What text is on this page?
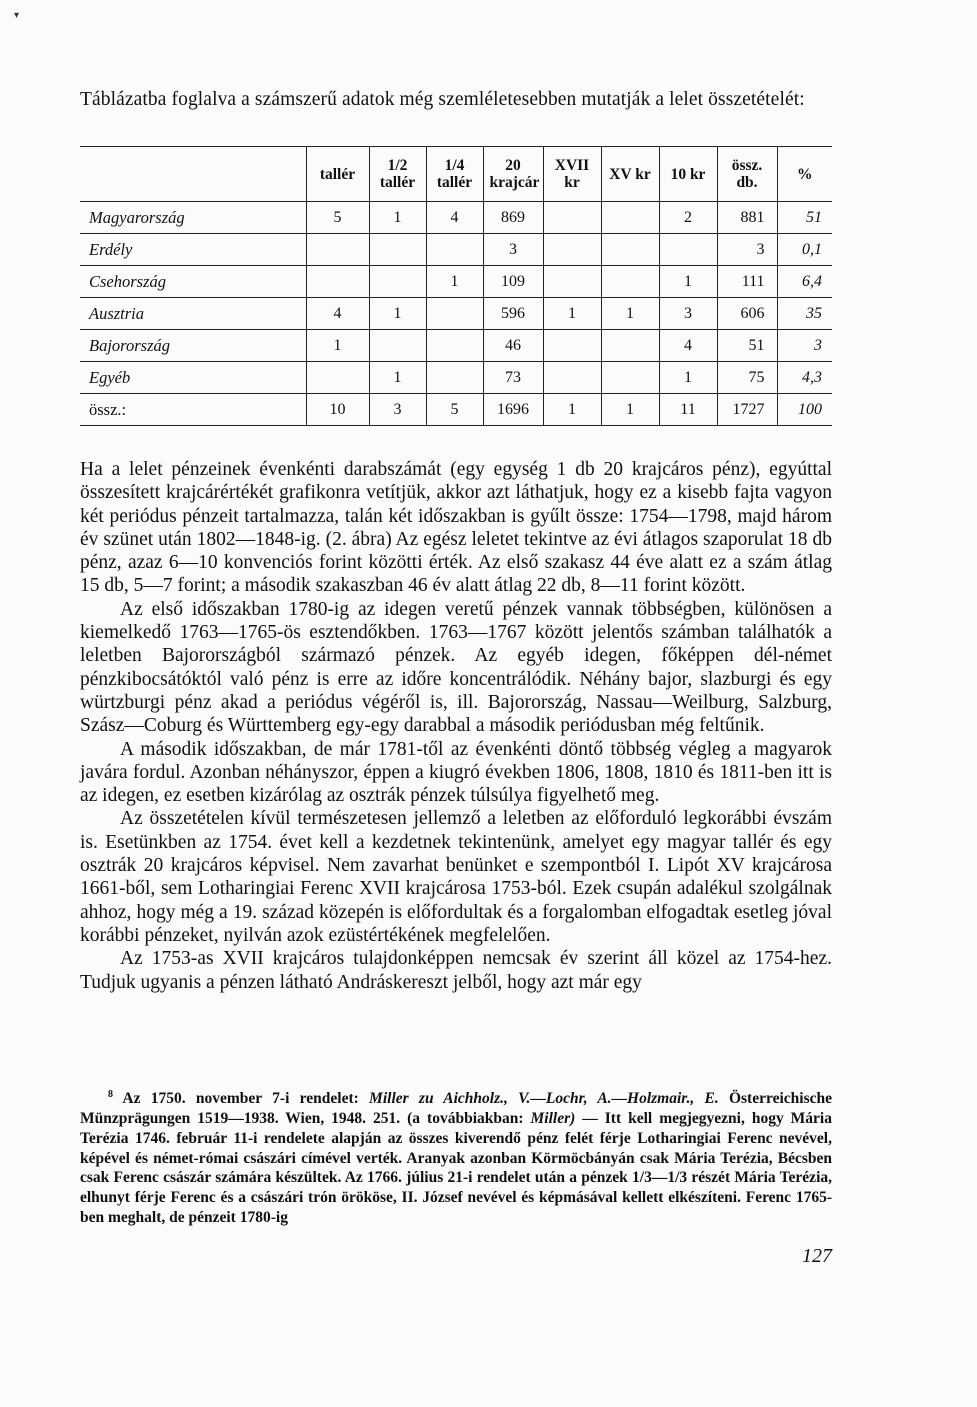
▾
Táblázatba foglalva a számszerű adatok még szemléletesebben mutatják a lelet összetételét:
	tallér	1/2 tallér	1/4 tallér	20 krajcár	XVII kr	XV kr	10 kr	össz. db.	%
Magyarország	5	1	4	869			2	881	51
Erdély				3				3	0,1
Csehország			1	109			1	111	6,4
Ausztria	4	1		596	1	1	3	606	35
Bajorország	1			46			4	51	3
Egyéb		1		73			1	75	4,3
össz.:	10	3	5	1696	1	1	11	1727	100

Ha a lelet pénzeinek évenkénti darabszámát (egy egység 1 db 20 krajcáros pénz), egyúttal összesített krajcárértékét grafikonra vetítjük, akkor azt láthatjuk, hogy ez a kisebb fajta vagyon két periódus pénzeit tartalmazza, talán két időszakban is gyűlt össze: 1754—1798, majd három év szünet után 1802—1848-ig. (2. ábra) Az egész leletet tekintve az évi átlagos szaporulat 18 db pénz, azaz 6—10 konvenciós forint közötti érték. Az első szakasz 44 éve alatt ez a szám átlag 15 db, 5—7 forint; a második szakaszban 46 év alatt átlag 22 db, 8—11 forint között.

Az első időszakban 1780-ig az idegen veretű pénzek vannak többségben, különösen a kiemelkedő 1763—1765-ös esztendőkben. 1763—1767 között jelentős számban találhatók a leletben Bajorországból származó pénzek. Az egyéb idegen, főképpen dél-német pénzkibocsátóktól való pénz is erre az időre koncentrálódik. Néhány bajor, slazburgi és egy würtzburgi pénz akad a periódus végéről is, ill. Bajorország, Nassau—Weilburg, Salzburg, Szász—Coburg és Württemberg egy-egy darabbal a második periódusban még feltűnik.

A második időszakban, de már 1781-től az évenkénti döntő többség végleg a magyarok javára fordul. Azonban néhányszor, éppen a kiugró években 1806, 1808, 1810 és 1811-ben itt is az idegen, ez esetben kizárólag az osztrák pénzek túlsúlya figyelhető meg.

Az összetételen kívül természetesen jellemző a leletben az előforduló legkorábbi évszám is. Esetünkben az 1754. évet kell a kezdetnek tekintenünk, amelyet egy magyar tallér és egy osztrák 20 krajcáros képvisel. Nem zavarhat benünket e szempontból I. Lipót XV krajcárosa 1661-ből, sem Lotharingiai Ferenc XVII krajcárosa 1753-ból. Ezek csupán adalékul szolgálnak ahhoz, hogy még a 19. század közepén is előfordultak és a forgalomban elfogadtak esetleg jóval korábbi pénzeket, nyilván azok ezüstértékének megfelelően.

Az 1753-as XVII krajcáros tulajdonképpen nemcsak év szerint áll közel az 1754-hez. Tudjuk ugyanis a pénzen látható Andráskereszt jelből, hogy azt már egy

$^8$ Az 1750. november 7-i rendelet: Miller zu Aichholz., V.—Lochr, A.—Holzmair., E. Österreichische Münzprägungen 1519—1938. Wien, 1948. 251. (a továbbiakban: Miller) — Itt kell megjegyezni, hogy Mária Terézia 1746. február 11-i rendelete alapján az összes kiverendő pénz felét férje Lotharingiai Ferenc nevével, képével és német-római császári címével verték. Aranyak azonban Körmöcbányán csak Mária Terézia, Bécsben csak Ferenc császár számára készültek. Az 1766. július 21-i rendelet után a pénzek 1/3—1/3 részét Mária Terézia, elhunyt férje Ferenc és a császári trón örököse, II. József nevével és képmásával kellett elkészíteni. Ferenc 1765-ben meghalt, de pénzeit 1780-ig

127
